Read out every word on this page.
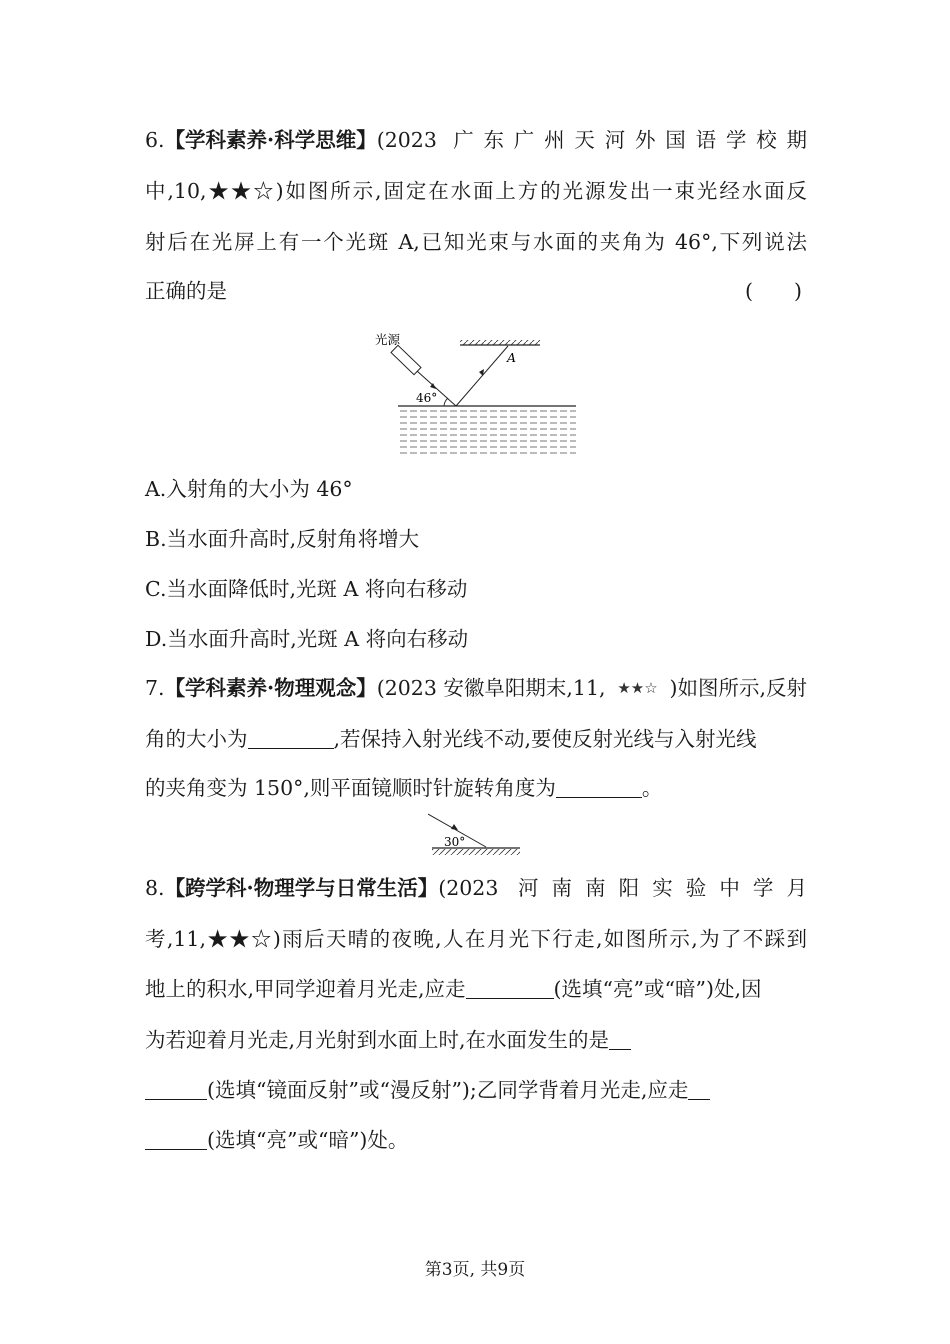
6. 【学科素养·科学思维】 (2023 广东广州天河外国语学校期
中,10,★★☆)如图所示,固定在水面上方的光源发出一束光经水面反
射后在光屏上有一个光斑 A,已知光束与水面的夹角为 46°,下列说法
正确的是	(　　)
光源
A
46°
A.入射角的大小为 46°
B.当水面升高时,反射角将增大
C.当水面降低时,光斑 A 将向右移动
D.当水面升高时,光斑 A 将向右移动
7. 【学科素养·物理观念】 (2023 安徽阜阳期末,11, ★★☆ )如图所示,反射
角的大小为	,若保持入射光线不动,要使反射光线与入射光线
的夹角变为 150°,则平面镜顺时针旋转角度为	。
30°
8. 【跨学科·物理学与日常生活】 (2023 河南南阳实验中学月
考,11,★★☆)雨后天晴的夜晚,人在月光下行走,如图所示,为了不踩到
地上的积水,甲同学迎着月光走,应走	(选填“亮”或“暗”)处,因
为若迎着月光走,月光射到水面上时,在水面发生的是
(选填“镜面反射”或“漫反射”);乙同学背着月光走,应走
(选填“亮”或“暗”)处。
第3页, 共9页
